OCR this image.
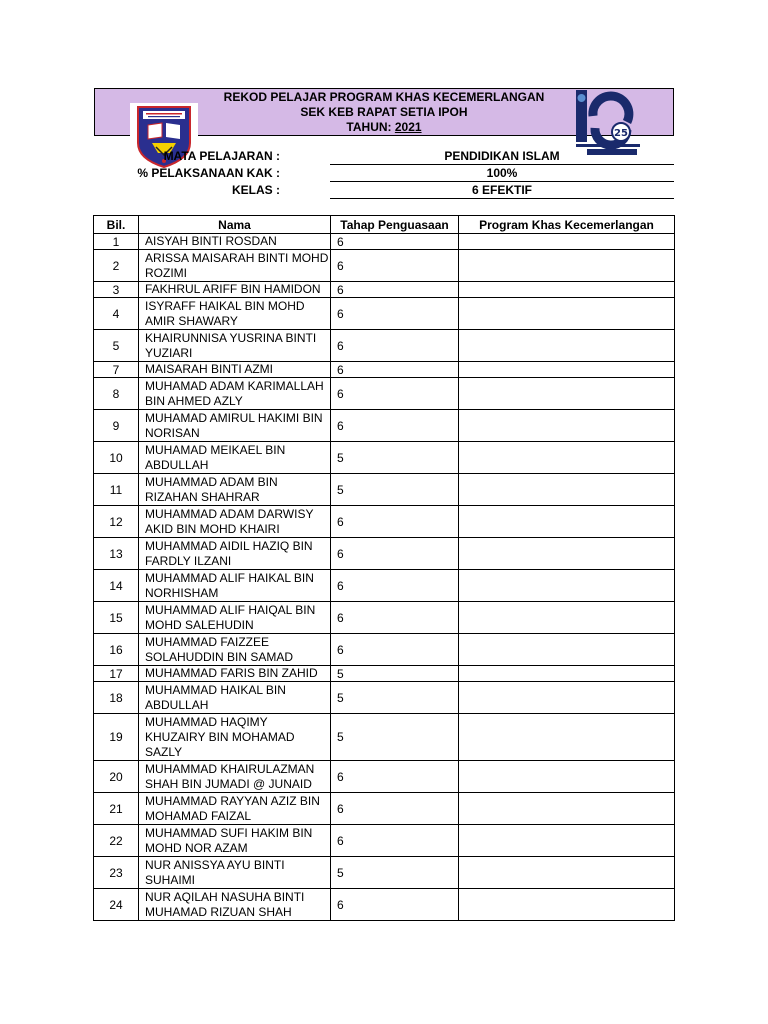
REKOD PELAJAR PROGRAM KHAS KECEMERLANGAN
SEK KEB RAPAT SETIA IPOH
TAHUN: 2021	25
MATA PELAJARAN :	PENDIDIKAN ISLAM
% PELAKSANAAN KAK :	100%
KELAS :	6 EFEKTIF
Bil.	Nama	Tahap Penguasaan	Program Khas Kecemerlangan
1	AISYAH BINTI ROSDAN	6	
2	ARISSA MAISARAH BINTI MOHD ROZIMI	6	
3	FAKHRUL ARIFF BIN HAMIDON	6	
4	ISYRAFF HAIKAL BIN MOHD AMIR SHAWARY	6	
5	KHAIRUNNISA YUSRINA BINTI YUZIARI	6	
7	MAISARAH BINTI AZMI	6	
8	MUHAMAD ADAM KARIMALLAH BIN AHMED AZLY	6	
9	MUHAMAD AMIRUL HAKIMI BIN NORISAN	6	
10	MUHAMAD MEIKAEL BIN ABDULLAH	5	
11	MUHAMMAD ADAM BIN RIZAHAN SHAHRAR	5	
12	MUHAMMAD ADAM DARWISY AKID BIN MOHD KHAIRI	6	
13	MUHAMMAD AIDIL HAZIQ BIN FARDLY ILZANI	6	
14	MUHAMMAD ALIF HAIKAL BIN NORHISHAM	6	
15	MUHAMMAD ALIF HAIQAL BIN MOHD SALEHUDIN	6	
16	MUHAMMAD FAIZZEE SOLAHUDDIN BIN SAMAD	6	
17	MUHAMMAD FARIS BIN ZAHID	5	
18	MUHAMMAD HAIKAL BIN ABDULLAH	5	
19	MUHAMMAD HAQIMY KHUZAIRY BIN MOHAMAD SAZLY	5	
20	MUHAMMAD KHAIRULAZMAN SHAH BIN JUMADI @ JUNAID	6	
21	MUHAMMAD RAYYAN AZIZ BIN MOHAMAD FAIZAL	6	
22	MUHAMMAD SUFI HAKIM BIN MOHD NOR AZAM	6	
23	NUR ANISSYA AYU BINTI SUHAIMI	5	
24	NUR AQILAH NASUHA BINTI MUHAMAD RIZUAN SHAH	6	
